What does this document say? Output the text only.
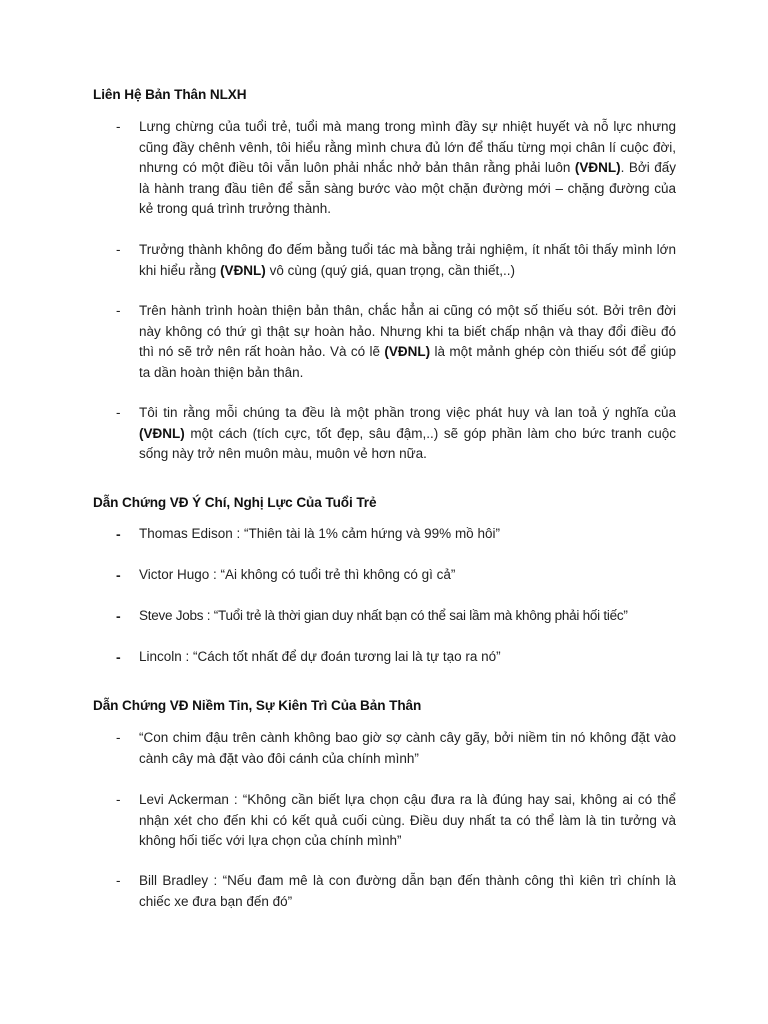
Liên Hệ Bản Thân NLXH
- Lưng chừng của tuổi trẻ, tuổi mà mang trong mình đầy sự nhiệt huyết và nỗ lực nhưng cũng đầy chênh vênh, tôi hiểu rằng mình chưa đủ lớn để thấu từng mọi chân lí cuộc đời, nhưng có một điều tôi vẫn luôn phải nhắc nhở bản thân rằng phải luôn (VĐNL). Bởi đấy là hành trang đầu tiên để sẵn sàng bước vào một chặn đường mới – chặng đường của kẻ trong quá trình trưởng thành.
- Trưởng thành không đo đếm bằng tuổi tác mà bằng trải nghiệm, ít nhất tôi thấy mình lớn khi hiểu rằng (VĐNL) vô cùng (quý giá, quan trọng, cần thiết,..)
- Trên hành trình hoàn thiện bản thân, chắc hẳn ai cũng có một số thiếu sót. Bởi trên đời này không có thứ gì thật sự hoàn hảo. Nhưng khi ta biết chấp nhận và thay đổi điều đó thì nó sẽ trở nên rất hoàn hảo. Và có lẽ (VĐNL) là một mảnh ghép còn thiếu sót để giúp ta dần hoàn thiện bản thân.
- Tôi tin rằng mỗi chúng ta đều là một phần trong việc phát huy và lan toả ý nghĩa của (VĐNL) một cách (tích cực, tốt đẹp, sâu đậm,..) sẽ góp phần làm cho bức tranh cuộc sống này trở nên muôn màu, muôn vẻ hơn nữa.
Dẫn Chứng VĐ Ý Chí, Nghị Lực Của Tuổi Trẻ
- Thomas Edison : “Thiên tài là 1% cảm hứng và 99% mồ hôi”
- Victor Hugo : “Ai không có tuổi trẻ thì không có gì cả”
- Steve Jobs : “Tuổi trẻ là thời gian duy nhất bạn có thể sai lầm mà không phải hối tiếc”
- Lincoln : “Cách tốt nhất để dự đoán tương lai là tự tạo ra nó”
Dẫn Chứng VĐ Niềm Tin, Sự Kiên Trì Của Bản Thân
- “Con chim đậu trên cành không bao giờ sợ cành cây gãy, bởi niềm tin nó không đặt vào cành cây mà đặt vào đôi cánh của chính mình”
- Levi Ackerman : “Không cần biết lựa chọn cậu đưa ra là đúng hay sai, không ai có thể nhận xét cho đến khi có kết quả cuối cùng. Điều duy nhất ta có thể làm là tin tưởng và không hối tiếc với lựa chọn của chính mình”
- Bill Bradley : “Nếu đam mê là con đường dẫn bạn đến thành công thì kiên trì chính là chiếc xe đưa bạn đến đó”
